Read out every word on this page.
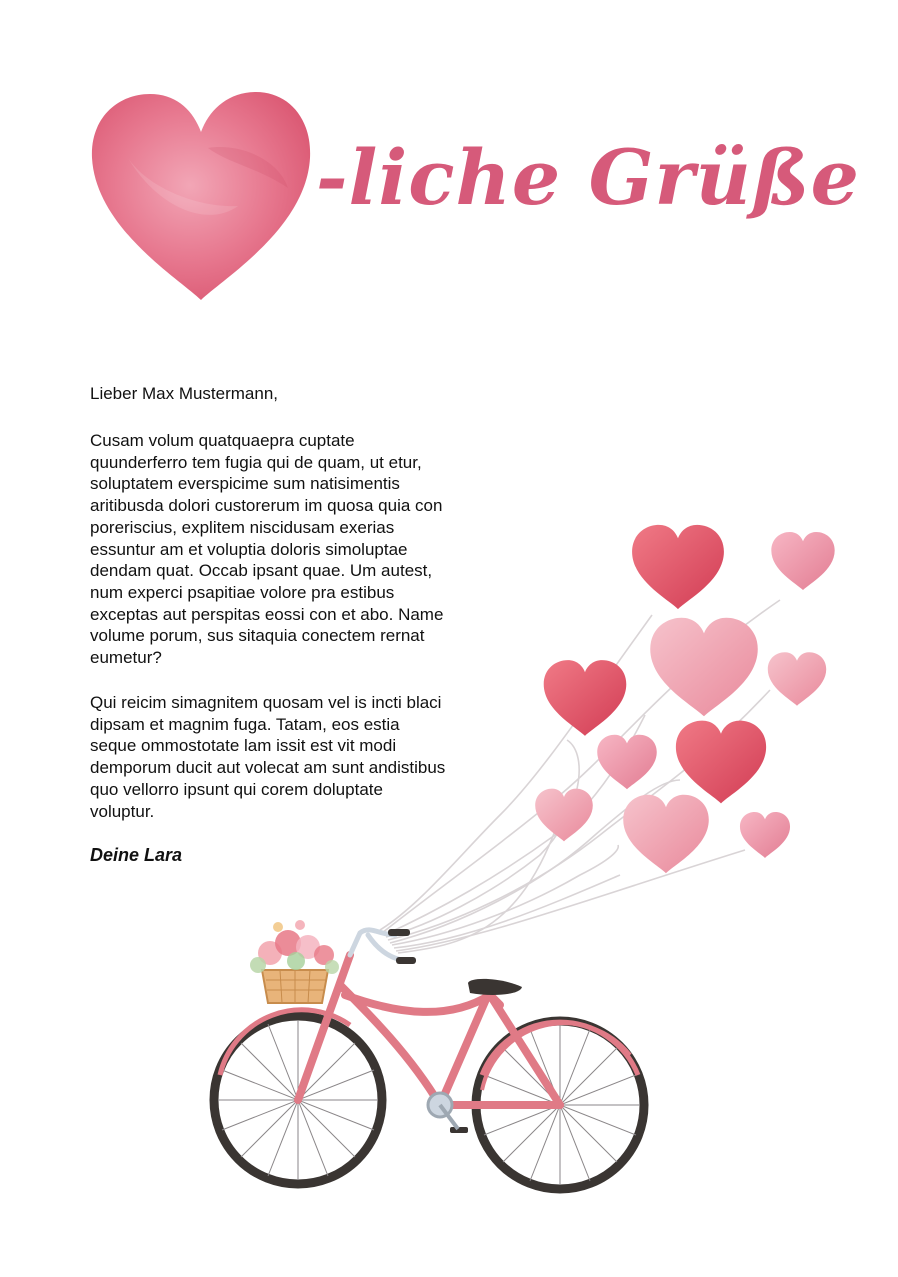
-liche Grüße

Lieber Max Mustermann,

Cusam volum quatquaepra cuptate quunderferro tem fugia qui de quam, ut etur, soluptatem everspicime sum natisimentis aritibusda dolori custorerum im quosa quia con poreriscius, explitem niscidusam exerias essuntur am et voluptia doloris simoluptae dendam quat. Occab ipsant quae. Um autest, num experci psapitiae volore pra estibus exceptas aut perspitas eossi con et abo. Name volume porum, sus sitaquia conectem rernat eumetur?

Qui reicim simagnitem quosam vel is incti blaci dipsam et magnim fuga. Tatam, eos estia seque ommostotate lam issit est vit modi demporum ducit aut volecat am sunt andistibus quo vellorro ipsunt qui corem doluptate voluptur.

Deine Lara
